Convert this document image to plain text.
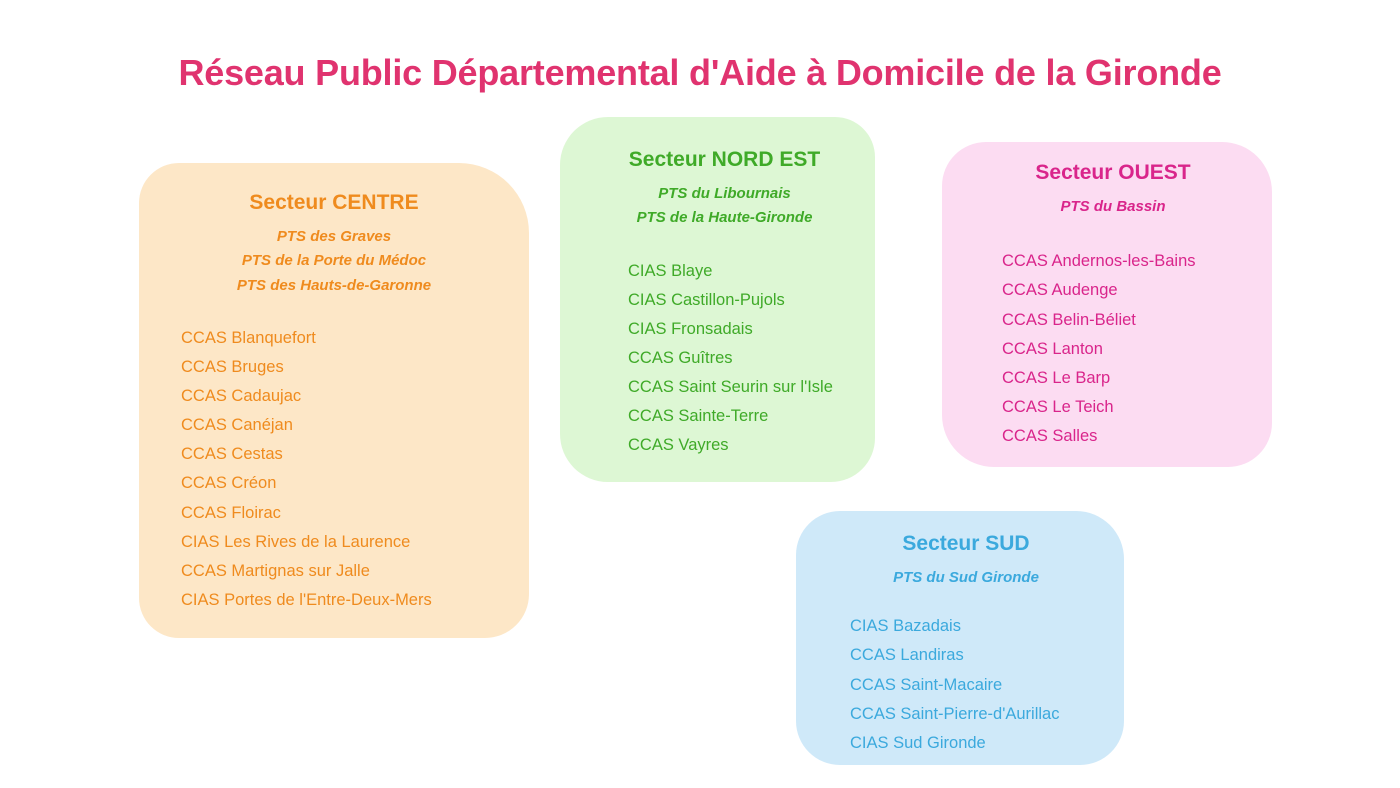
Réseau Public Départemental d'Aide à Domicile de la Gironde
Secteur CENTRE
PTS des Graves
PTS de la Porte du Médoc
PTS des Hauts-de-Garonne
CCAS Blanquefort
CCAS Bruges
CCAS Cadaujac
CCAS Canéjan
CCAS Cestas
CCAS Créon
CCAS Floirac
CIAS Les Rives de la Laurence
CCAS Martignas sur Jalle
CIAS Portes de l'Entre-Deux-Mers
Secteur NORD EST
PTS du Libournais
PTS de la Haute-Gironde
CIAS Blaye
CIAS Castillon-Pujols
CIAS Fronsadais
CCAS Guîtres
CCAS Saint Seurin sur l'Isle
CCAS Sainte-Terre
CCAS Vayres
Secteur OUEST
PTS du Bassin
CCAS Andernos-les-Bains
CCAS Audenge
CCAS Belin-Béliet
CCAS Lanton
CCAS Le Barp
CCAS Le Teich
CCAS Salles
Secteur SUD
PTS du Sud Gironde
CIAS Bazadais
CCAS Landiras
CCAS Saint-Macaire
CCAS Saint-Pierre-d'Aurillac
CIAS Sud Gironde
